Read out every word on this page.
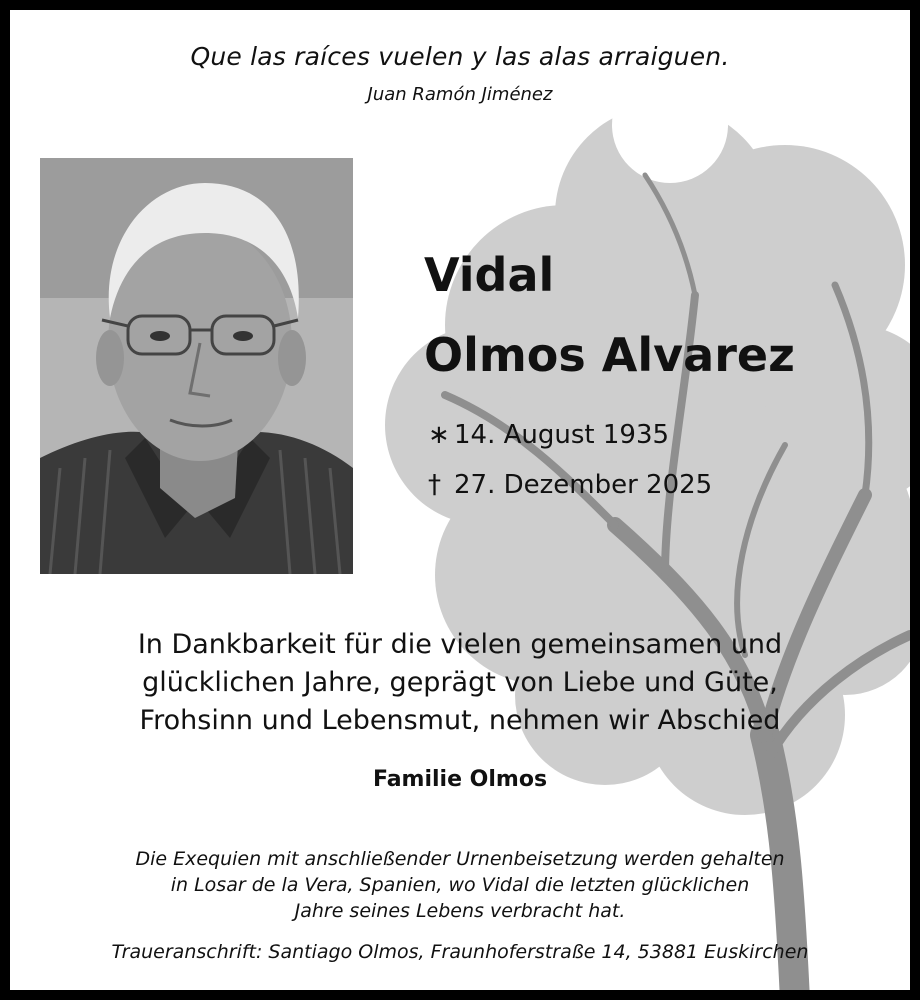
Que las raíces vuelen y las alas arraiguen.
Juan Ramón Jiménez
Vidal
Olmos Alvarez
∗ 14. August 1935
† 27. Dezember 2025

In Dankbarkeit für die vielen gemeinsamen und
glücklichen Jahre, geprägt von Liebe und Güte,
Frohsinn und Lebensmut, nehmen wir Abschied

Familie Olmos
Die Exequien mit anschließender Urnenbeisetzung werden gehalten
in Losar de la Vera, Spanien, wo Vidal die letzten glücklichen
Jahre seines Lebens verbracht hat.
Traueranschrift: Santiago Olmos, Fraunhoferstraße 14, 53881 Euskirchen
